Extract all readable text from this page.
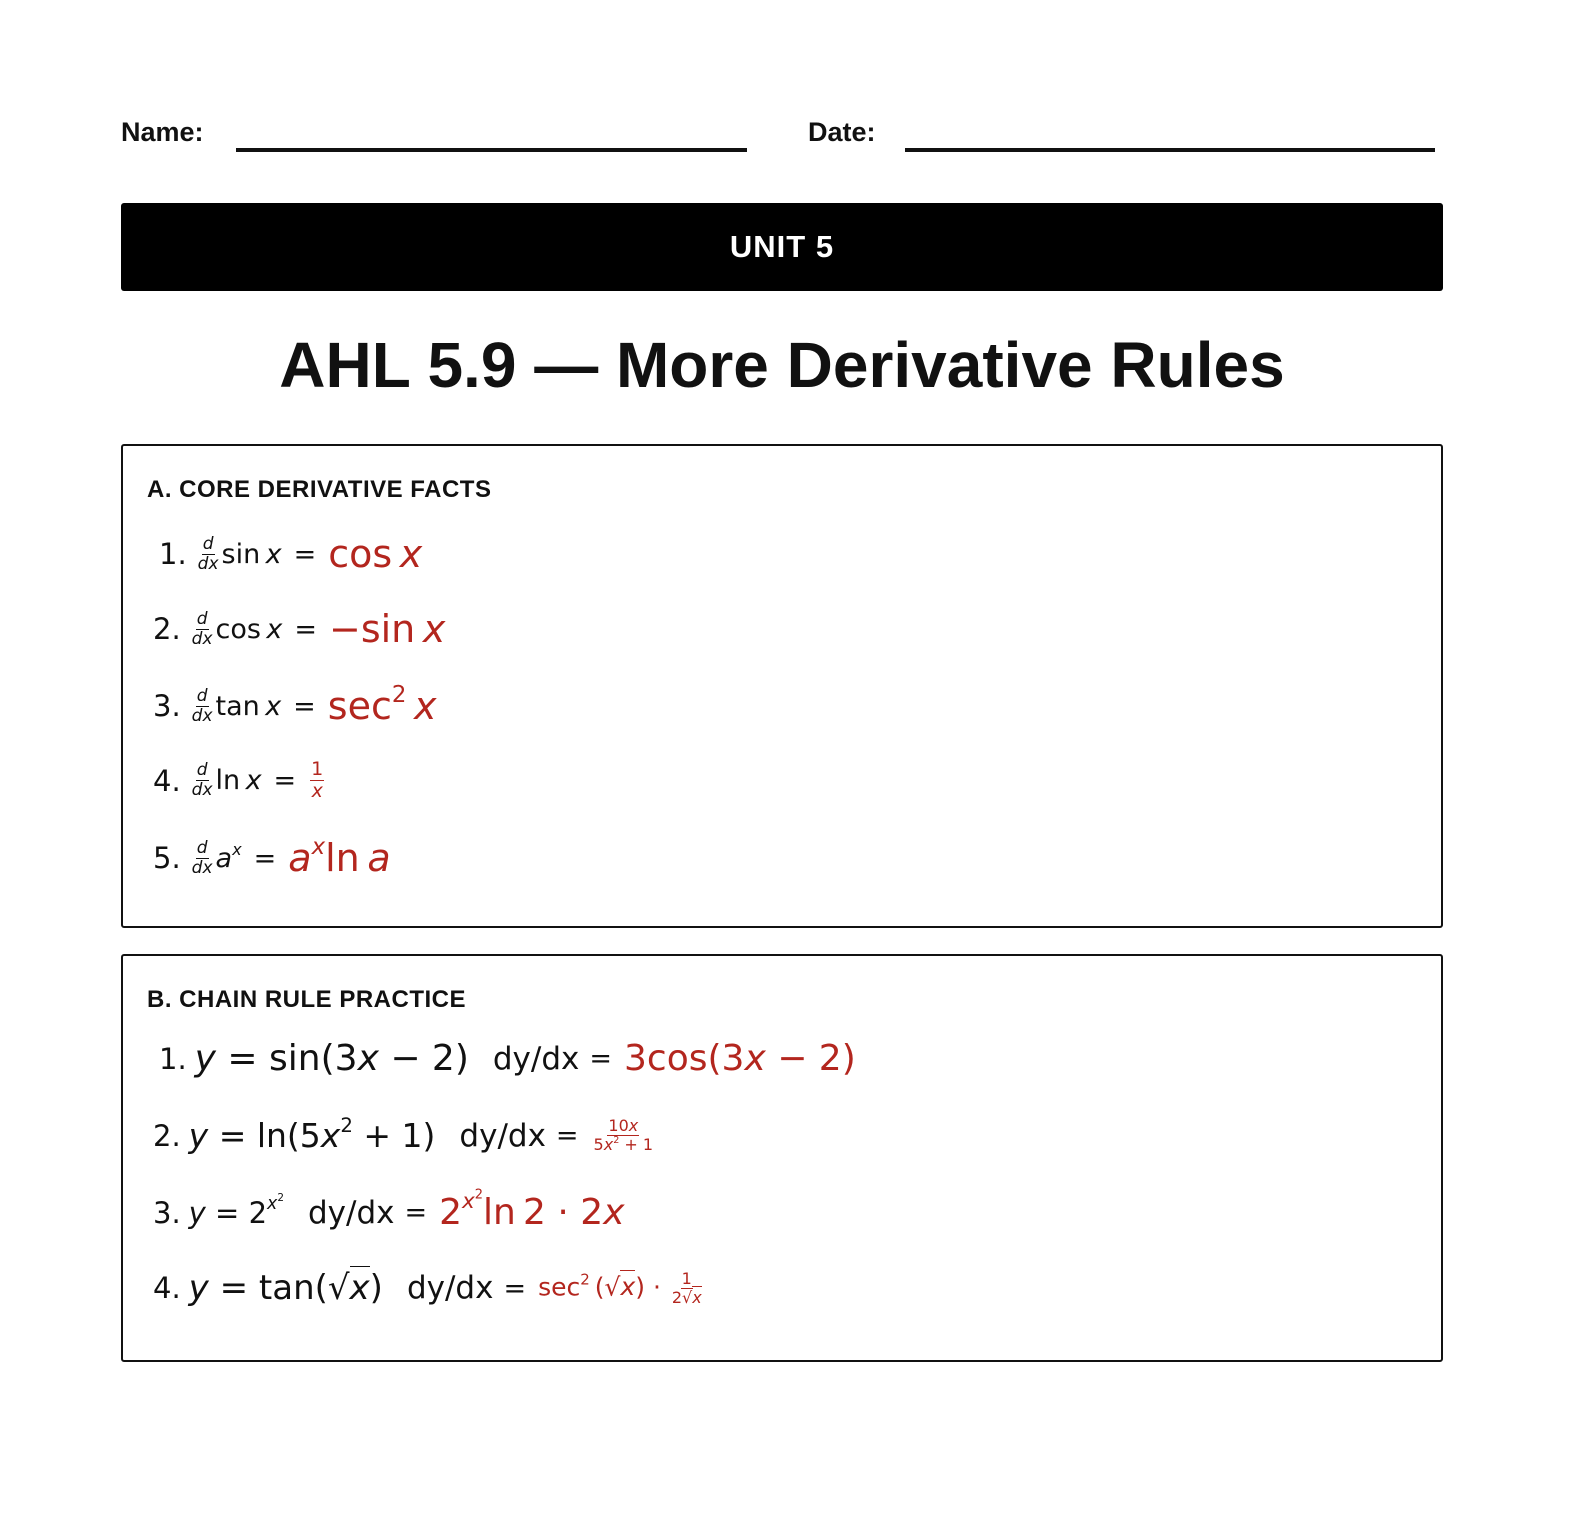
Name:	Date:
UNIT 5
AHL 5.9 — More Derivative Rules
A. CORE DERIVATIVE FACTS
1. $\frac{d}{dx}$ sin  x = cos x
2. $\frac{d}{dx}$ cos  x = −sin x
3. $\frac{d}{dx}$ $\tan x = \sec^2 x$
4. $\frac{d}{dx}$ $\ln x = \frac{1}{x}$
5. $\frac{d}{dx} a^x = a^x\ln$ a
B. CHAIN RULE PRACTICE
1. y = sin(3x − 2) dy/dx = 3cos(3x − 2)
2. $y = \ln(5x^2 + 1) dy/dx = \frac{10x}{5x^2 + 1}$
3. $y = 2^{x^2}$ $dy/dx = 2^{x^2}\ln$ 2 · 2x
4. y = tan(√x) $dy/dx = \sec^2 (√x) \cdot \frac{1}{2√x}$
